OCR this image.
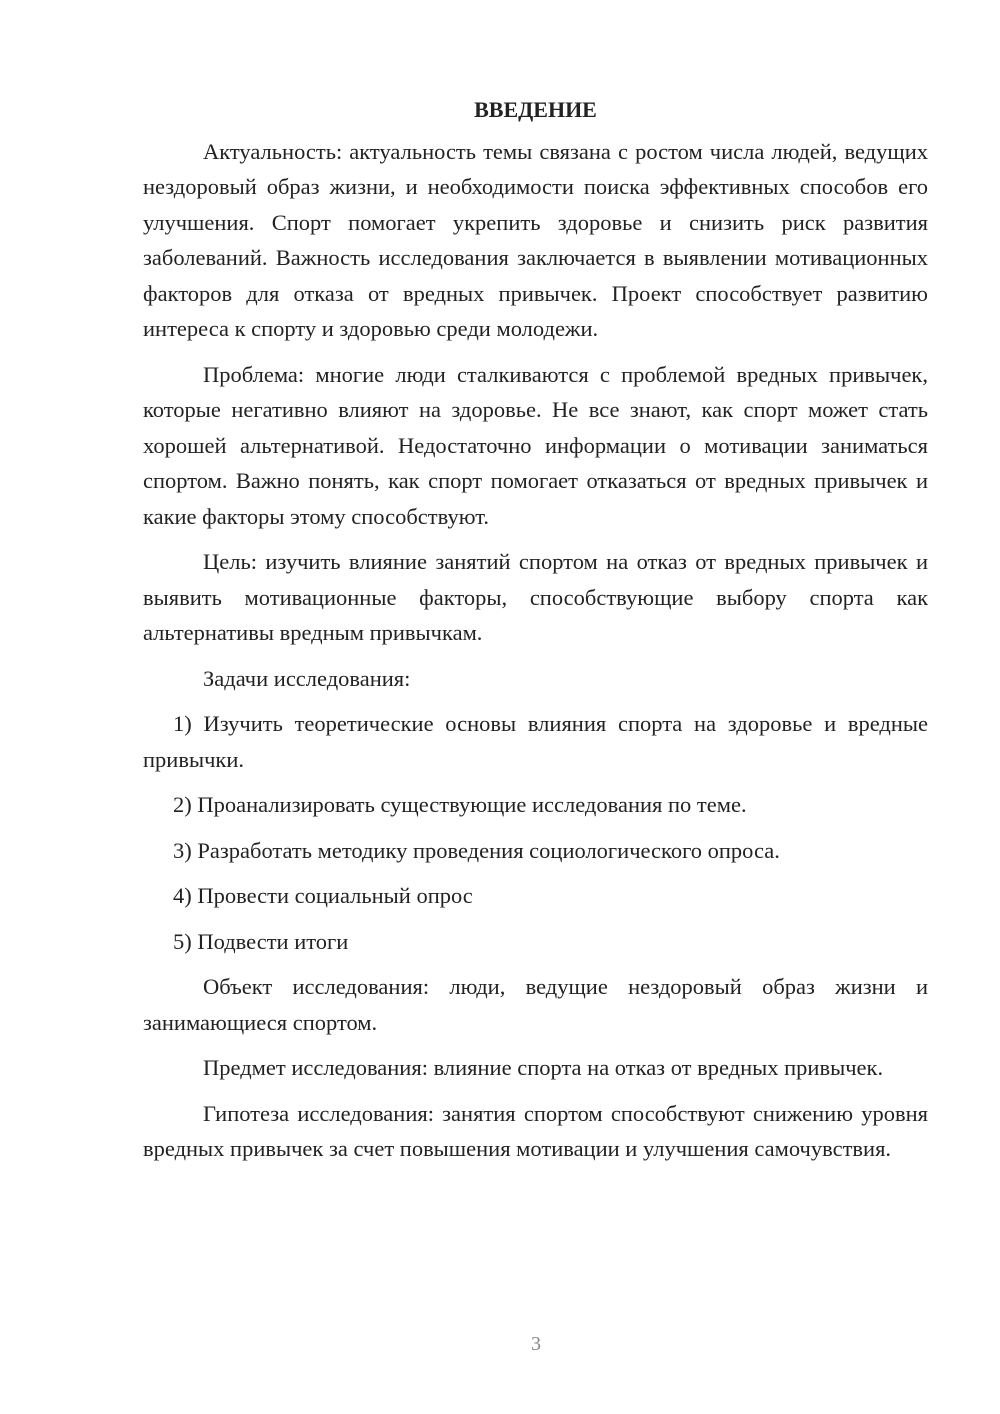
ВВЕДЕНИЕ

Актуальность: актуальность темы связана с ростом числа людей, ведущих нездоровый образ жизни, и необходимости поиска эффективных способов его улучшения. Спорт помогает укрепить здоровье и снизить риск развития заболеваний. Важность исследования заключается в выявлении мотивационных факторов для отказа от вредных привычек. Проект способствует развитию интереса к спорту и здоровью среди молодежи.

Проблема: многие люди сталкиваются с проблемой вредных привычек, которые негативно влияют на здоровье. Не все знают, как спорт может стать хорошей альтернативой. Недостаточно информации о мотивации заниматься спортом. Важно понять, как спорт помогает отказаться от вредных привычек и какие факторы этому способствуют.

Цель: изучить влияние занятий спортом на отказ от вредных привычек и выявить мотивационные факторы, способствующие выбору спорта как альтернативы вредным привычкам.

Задачи исследования:

1) Изучить теоретические основы влияния спорта на здоровье и вредные привычки.

2) Проанализировать существующие исследования по теме.

3) Разработать методику проведения социологического опроса.

4) Провести социальный опрос

5) Подвести итоги

Объект исследования: люди, ведущие нездоровый образ жизни и занимающиеся спортом.

Предмет исследования: влияние спорта на отказ от вредных привычек.

Гипотеза исследования: занятия спортом способствуют снижению уровня вредных привычек за счет повышения мотивации и улучшения самочувствия.

3
